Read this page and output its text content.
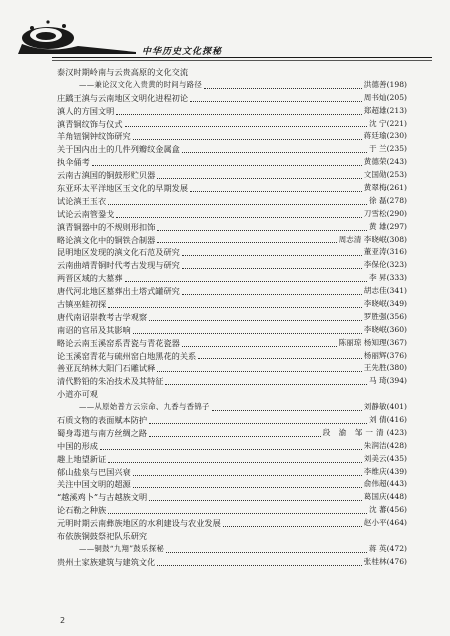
中华历史文化探秘
泰汉时期岭南与云贵高原的文化交流
——兼论汉文化入贵黄的时间与路径	洪德善 (198)
庄蹻王滇与云南地区文明化进程初论	周书灿 (205)
滇人的方国文明	郑超雄 (213)
滇青铜纹饰与仪式	沈 宁 (221)
羊角钮铜钟纹饰研究	蒋廷瑜 (230)
关于国内出土的几件列瓣纹金属盒	于 兰 (235)
执伞俑考	黄德荣 (243)
云南古滇国的铜鼓形贮贝器	文国勋 (253)
东亚环太平洋地区玉文化的早期发展	黄翠梅 (261)
试论滇王玉衣	徐 磊 (278)
试论云南管銎戈	刀雪松 (290)
滇青铜器中的不规则形扣饰	黄 雄 (297)
略论滇文化中的铜铁合制器	周志清 李晓岷 (308)
昆明地区发现的滇文化石范及研究	董亚涛 (316)
云南曲靖青铜时代考古发现与研究	李保伦 (323)
两晋区域的大墓葬	李 昇 (333)
唐代河北地区墓葬出土塔式罐研究	胡志佳 (341)
古镇巫蛙初探	李晓岷 (349)
唐代南诏崇教考古学观察	罗胜强 (356)
南诏的官吊及其影响	李晓岷 (360)
略论云南玉溪窑系青瓷与青花瓷器	陈丽琼 杨知理 (367)
论玉溪窑青花与硫州窑白地黑花的关系	杨丽辉 (376)
善亚瓦纳林大阳门石雕试释	王先胜 (380)
清代黔铅的朱冶技术及其特征	马 琦 (394)
小道亦可观
——从原始普方云宗命、九香与香锦子	刘静敏 (401)
石质文物的表面赋本防护	刘 倩 (416)
蜀身毒道与南方丝绸之路	段 渝 邹一清 (423)
中国的形成	朱润洁 (428)
趣上地望新证	刘美云 (435)
郁山盐泉与巴国兴衰	李维庆 (439)
关注中国文明的超源	俞伟超 (443)
“越溪鸡卜”与古越族文明	葛国庆 (448)
论石勒之种族	沈 蕃 (456)
元明时期云南彝族地区的水利建设与农业发展	赵小平 (464)
布依族铜鼓祭祀队乐研究
——铜鼓“九翔”鼓乐探秘	蒋 英 (472)
贵州土家族建筑与建筑文化	张桂林 (476)
2
